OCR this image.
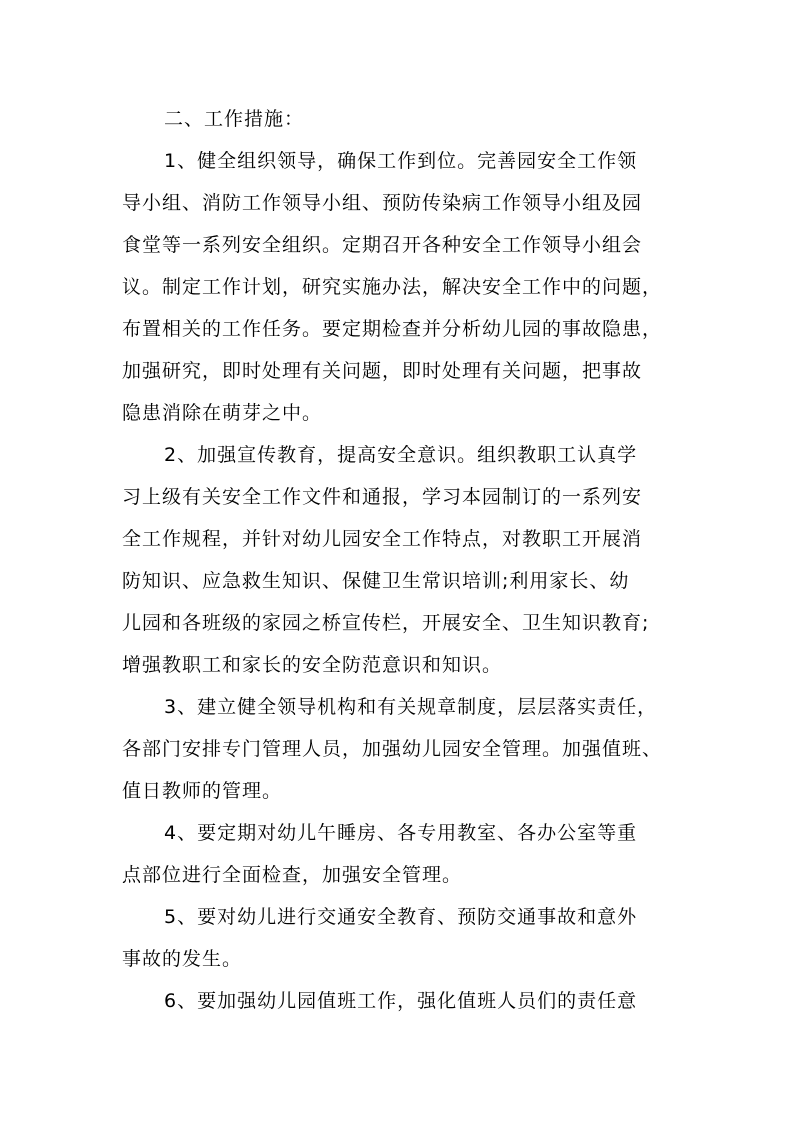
二、工作措施：
1、健全组织领导，确保工作到位。完善园安全工作领
导小组、消防工作领导小组、预防传染病工作领导小组及园
食堂等一系列安全组织。定期召开各种安全工作领导小组会
议。制定工作计划，研究实施办法，解决安全工作中的问题，
布置相关的工作任务。要定期检查并分析幼儿园的事故隐患，
加强研究，即时处理有关问题，即时处理有关问题，把事故
隐患消除在萌芽之中。
2、加强宣传教育，提高安全意识。组织教职工认真学
习上级有关安全工作文件和通报，学习本园制订的一系列安
全工作规程，并针对幼儿园安全工作特点，对教职工开展消
防知识、应急救生知识、保健卫生常识培训;利用家长、幼
儿园和各班级的家园之桥宣传栏，开展安全、卫生知识教育;
增强教职工和家长的安全防范意识和知识。
3、建立健全领导机构和有关规章制度，层层落实责任，
各部门安排专门管理人员，加强幼儿园安全管理。加强值班、
值日教师的管理。
4、要定期对幼儿午睡房、各专用教室、各办公室等重
点部位进行全面检查，加强安全管理。
5、要对幼儿进行交通安全教育、预防交通事故和意外
事故的发生。
6、要加强幼儿园值班工作，强化值班人员们的责任意
